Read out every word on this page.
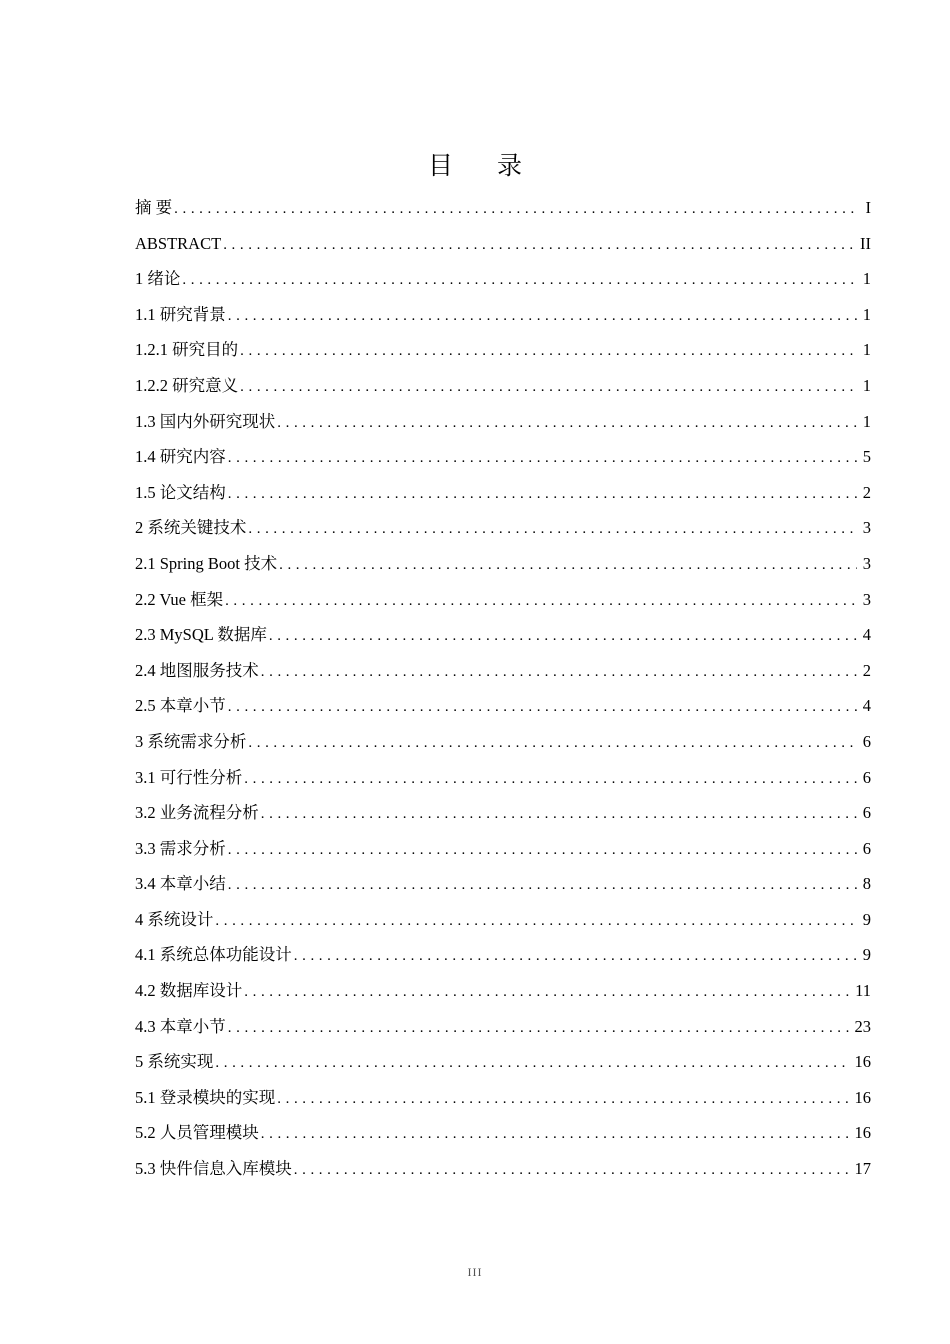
目 录
摘 要 .....	I
ABSTRACT .....	II
1 绪论 .....	1
1.1 研究背景 .....	1
1.2.1 研究目的 .....	1
1.2.2 研究意义 .....	1
1.3 国内外研究现状 .....	1
1.4 研究内容 .....	5
1.5 论文结构 .....	2
2 系统关键技术 .....	3
2.1 Spring Boot 技术 .....	3
2.2 Vue 框架 .....	3
2.3 MySQL 数据库 .....	4
2.4 地图服务技术 .....	2
2.5 本章小节 .....	4
3 系统需求分析 .....	6
3.1 可行性分析 .....	6
3.2 业务流程分析 .....	6
3.3 需求分析 .....	6
3.4 本章小结 .....	8
4 系统设计 .....	9
4.1 系统总体功能设计 .....	9
4.2 数据库设计 .....	11
4.3 本章小节 .....	23
5 系统实现 .....	16
5.1 登录模块的实现 .....	16
5.2 人员管理模块 .....	16
5.3 快件信息入库模块 .....	17
III
